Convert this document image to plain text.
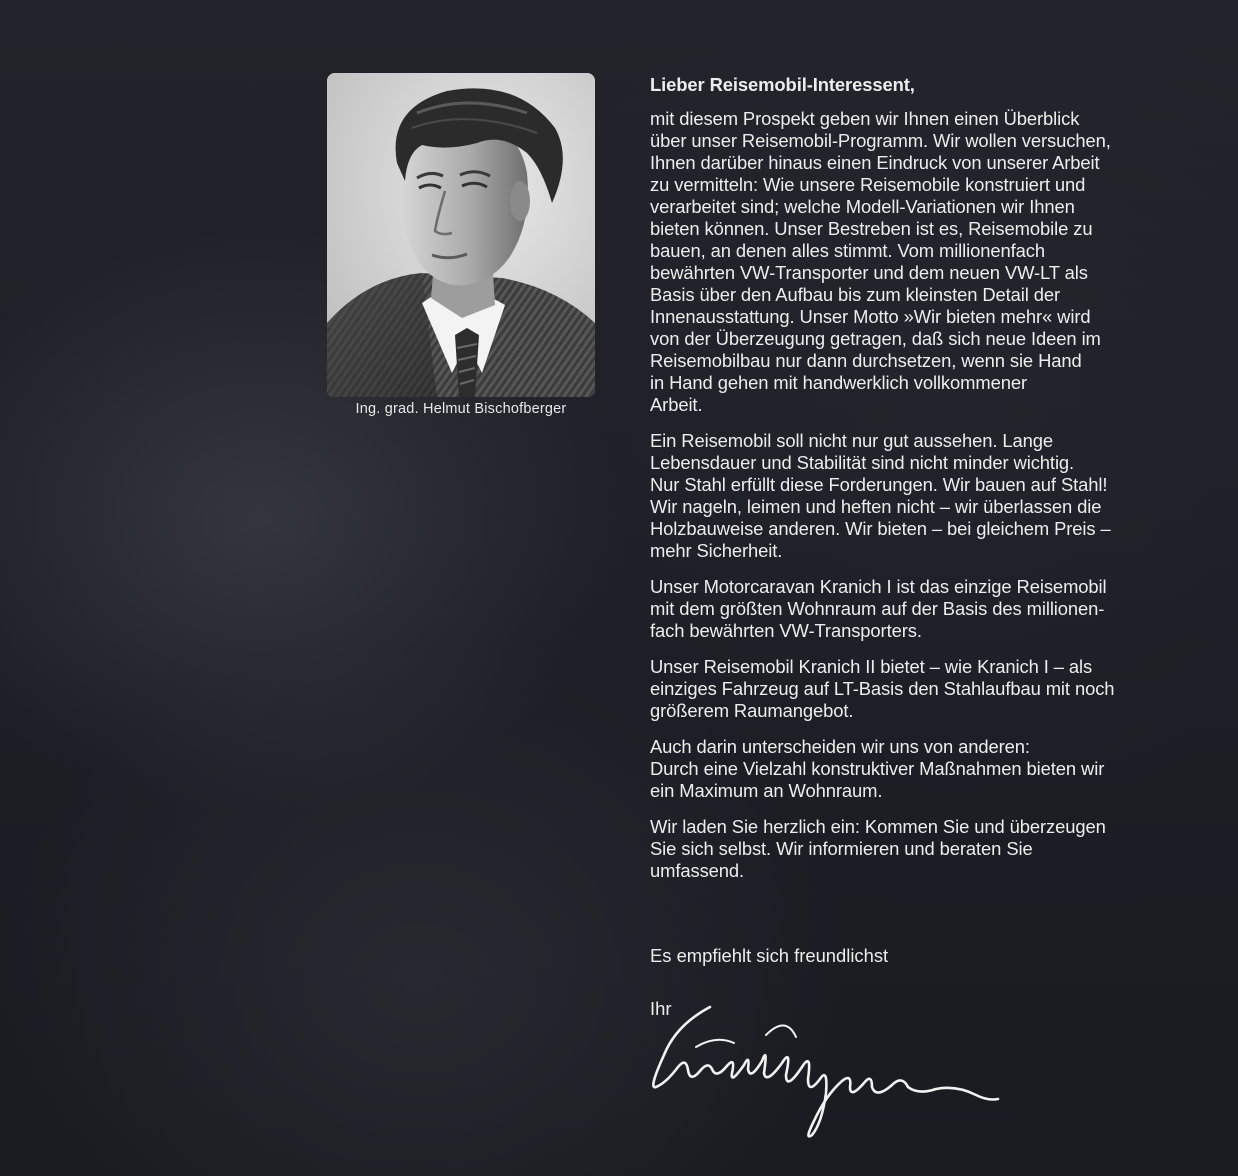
Ing. grad. Helmut Bischofberger

Lieber Reisemobil-Interessent,

mit diesem Prospekt geben wir Ihnen einen Überblick
über unser Reisemobil-Programm. Wir wollen versuchen,
Ihnen darüber hinaus einen Eindruck von unserer Arbeit
zu vermitteln: Wie unsere Reisemobile konstruiert und
verarbeitet sind; welche Modell-Variationen wir Ihnen
bieten können. Unser Bestreben ist es, Reisemobile zu
bauen, an denen alles stimmt. Vom millionenfach
bewährten VW-Transporter und dem neuen VW-LT als
Basis über den Aufbau bis zum kleinsten Detail der
Innenausstattung. Unser Motto »Wir bieten mehr« wird
von der Überzeugung getragen, daß sich neue Ideen im
Reisemobilbau nur dann durchsetzen, wenn sie Hand
in Hand gehen mit handwerklich vollkommener
Arbeit.

Ein Reisemobil soll nicht nur gut aussehen. Lange
Lebensdauer und Stabilität sind nicht minder wichtig.
Nur Stahl erfüllt diese Forderungen. Wir bauen auf Stahl!
Wir nageln, leimen und heften nicht – wir überlassen die
Holzbauweise anderen. Wir bieten – bei gleichem Preis –
mehr Sicherheit.

Unser Motorcaravan Kranich I ist das einzige Reisemobil
mit dem größten Wohnraum auf der Basis des millionen-
fach bewährten VW-Transporters.

Unser Reisemobil Kranich II bietet – wie Kranich I – als
einziges Fahrzeug auf LT-Basis den Stahlaufbau mit noch
größerem Raumangebot.

Auch darin unterscheiden wir uns von anderen:
Durch eine Vielzahl konstruktiver Maßnahmen bieten wir
ein Maximum an Wohnraum.

Wir laden Sie herzlich ein: Kommen Sie und überzeugen
Sie sich selbst. Wir informieren und beraten Sie
umfassend.

Es empfiehlt sich freundlichst
Ihr
